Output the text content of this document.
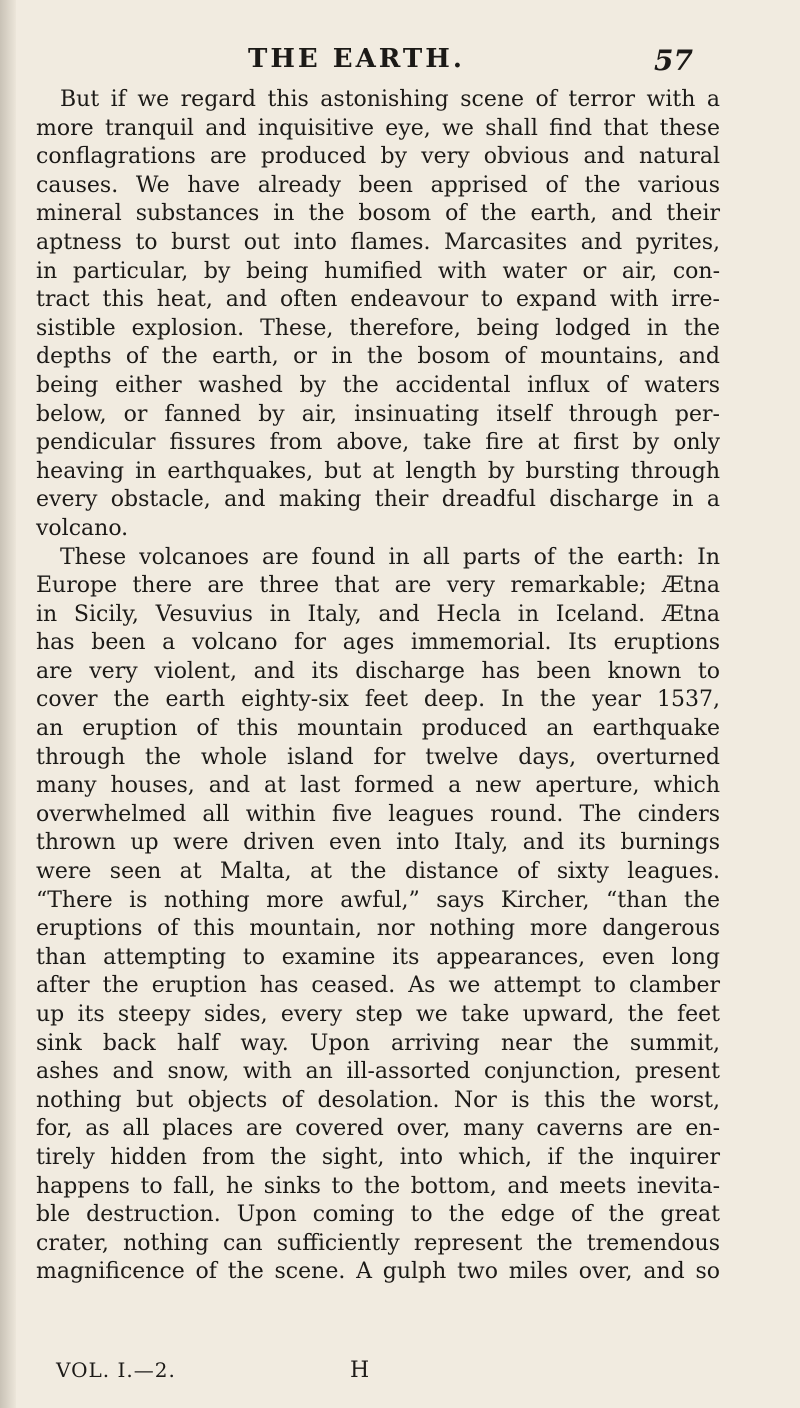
THE EARTH.	57
But if we regard this astonishing scene of terror with a
more tranquil and inquisitive eye, we shall find that these
conflagrations are produced by very obvious and natural
causes. We have already been apprised of the various
mineral substances in the bosom of the earth, and their
aptness to burst out into flames. Marcasites and pyrites,
in particular, by being humified with water or air, con-
tract this heat, and often endeavour to expand with irre-
sistible explosion. These, therefore, being lodged in the
depths of the earth, or in the bosom of mountains, and
being either washed by the accidental influx of waters
below, or fanned by air, insinuating itself through per-
pendicular fissures from above, take fire at first by only
heaving in earthquakes, but at length by bursting through
every obstacle, and making their dreadful discharge in a
volcano.
These volcanoes are found in all parts of the earth: In
Europe there are three that are very remarkable; Ætna
in Sicily, Vesuvius in Italy, and Hecla in Iceland. Ætna
has been a volcano for ages immemorial. Its eruptions
are very violent, and its discharge has been known to
cover the earth eighty-six feet deep. In the year 1537,
an eruption of this mountain produced an earthquake
through the whole island for twelve days, overturned
many houses, and at last formed a new aperture, which
overwhelmed all within five leagues round. The cinders
thrown up were driven even into Italy, and its burnings
were seen at Malta, at the distance of sixty leagues.
“There is nothing more awful,” says Kircher, “than the
eruptions of this mountain, nor nothing more dangerous
than attempting to examine its appearances, even long
after the eruption has ceased. As we attempt to clamber
up its steepy sides, every step we take upward, the feet
sink back half way. Upon arriving near the summit,
ashes and snow, with an ill-assorted conjunction, present
nothing but objects of desolation. Nor is this the worst,
for, as all places are covered over, many caverns are en-
tirely hidden from the sight, into which, if the inquirer
happens to fall, he sinks to the bottom, and meets inevita-
ble destruction. Upon coming to the edge of the great
crater, nothing can sufficiently represent the tremendous
magnificence of the scene. A gulph two miles over, and so
VOL. I.—2.	H
